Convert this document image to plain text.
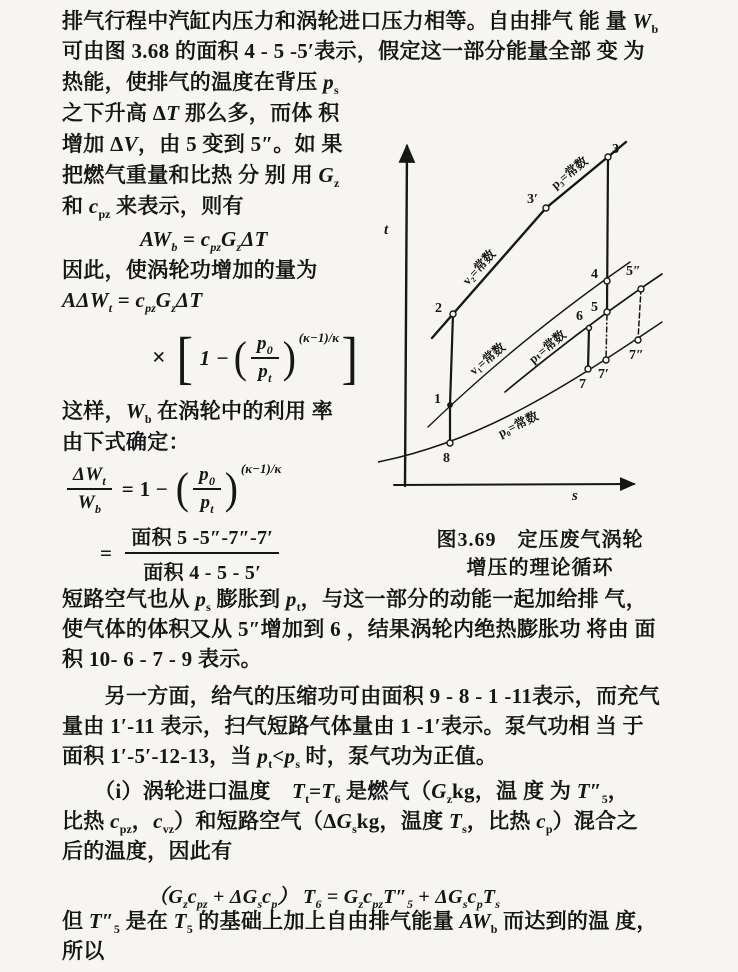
排气行程中汽缸内压力和涡轮进口压力相等。自由排气 能 量 $W_b$
可由图 3.68 的面积 4 - 5 -5′表示，假定这一部分能量全部 变 为
热能，使排气的温度在背压 $p_s$
之下升高 ΔT 那么多，而体 积
增加 ΔV，由 5 变到 5″。如 果
把燃气重量和比热 分 别 用 $G_z$
和 $c_{pz}$ 来表示，则有
$AW_b = c_{pz}G_z\Delta T$
因此，使涡轮功增加的量为
$A\Delta W_t = c_{pz}G_z\Delta T$
× [ 1 − ( $\frac{p_0}{p_t}$ ) (κ−1)/κ ]
这样，$W_b$ 在涡轮中的利用 率
由下式确定：
$\frac{\Delta W_t}{W_b} = 1$ − ( $\frac{p_0}{p_t}$ ) (κ−1)/κ
= $\frac{\text{面积 5 -5″-7″-7′}}{\text{面积 4 - 5 - 5′}}$
短路空气也从 $p_s$ 膨胀到 $p_t$，与这一部分的动能一起加给排 气，
使气体的体积又从 5″增加到 6 ，结果涡轮内绝热膨胀功 将由 面
积 10- 6 - 7 - 9 表示。
　　另一方面，给气的压缩功可由面积 9 - 8 - 1 -11表示，而充气
量由 1′-11 表示，扫气短路气体量由 1 -1′表示。泵气功相 当 于
面积 1′-5′-12-13，当 $p_t<p_s$ 时，泵气功为正值。
　　（i）涡轮进口温度　$T_t=T_6$ 是燃气（$G_zkg$，温 度 为 $T''_5$，
比热 $c_{pz}$，$c_{vz}$）和短路空气（$\Delta G_skg$，温度 $T_s$，比热 $c_p$）混合之
后的温度，因此有
$(G_zc_{pz} + \Delta G_sc_p) T_6 = G_zc_{pz}T''_5 + \Delta G_sc_pT_s$
但 $T''_5$ 是在 $T_5$ 的基础上加上自由排气能量 $AW_b$ 而达到的温 度，
所以
3
3′
2
4 5″
5
6
7″
7′
7
1
8
t
s
v₂=常数
p₃=常数
v₁=常数 pₜ=常数
p₀=常数
图3.69　定压废气涡轮
增压的理论循环
